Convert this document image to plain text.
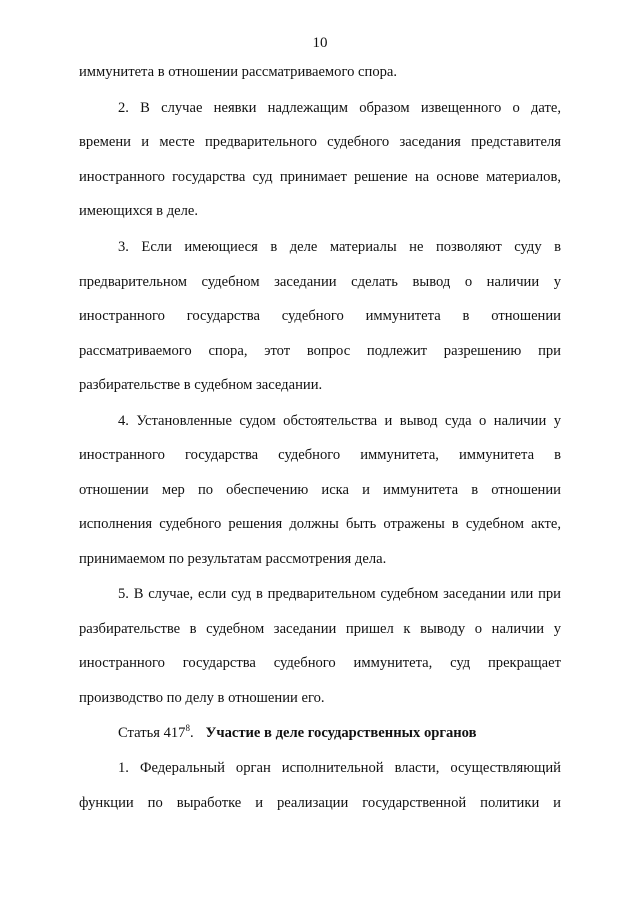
10
иммунитета в отношении рассматриваемого спора.
2. В случае неявки надлежащим образом извещенного о дате,
времени и месте предварительного судебного заседания представителя
иностранного государства суд принимает решение на основе материалов,
имеющихся в деле.
3. Если имеющиеся в деле материалы не позволяют суду в
предварительном судебном заседании сделать вывод о наличии у
иностранного государства судебного иммунитета в отношении
рассматриваемого спора, этот вопрос подлежит разрешению при
разбирательстве в судебном заседании.
4. Установленные судом обстоятельства и вывод суда о наличии у
иностранного государства судебного иммунитета, иммунитета в
отношении мер по обеспечению иска и иммунитета в отношении
исполнения судебного решения должны быть отражены в судебном акте,
принимаемом по результатам рассмотрения дела.
5. В случае, если суд в предварительном судебном заседании или при
разбирательстве в судебном заседании пришел к выводу о наличии у
иностранного государства судебного иммунитета, суд прекращает
производство по делу в отношении его.
Статья $417^8$. Участие в деле государственных органов
1. Федеральный орган исполнительной власти, осуществляющий
функции по выработке и реализации государственной политики и
